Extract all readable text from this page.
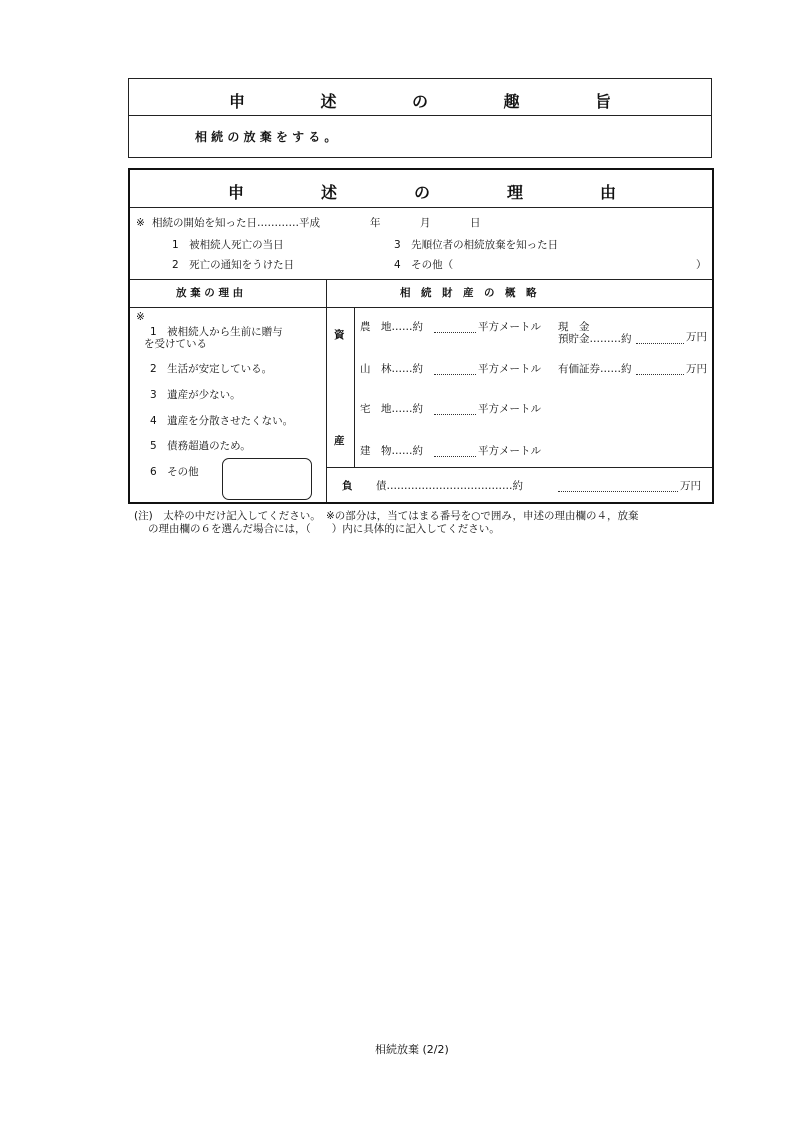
申	述	の	趣	旨
相 続 の 放 棄 を す る 。
申	述	の	理	由
※ 相続の開始を知った日…………平成	年	月	日
1　被相続人死亡の当日	3　先順位者の相続放棄を知った日
2　死亡の通知をうけた日	4　その他（	）
放 棄 の 理 由	相　続　財　産　の　概　略
※
1　被相続人から生前に贈与
を受けている
2　生活が安定している。
3　遺産が少ない。
4　遺産を分散させたくない。
5　債務超過のため。
6　その他
資
産
農　地……約	平方メートル 現　金
預貯金………約	万円
山　林……約	平方メートル 有価証券……約	万円
宅　地……約	平方メートル
建　物……約	平方メートル
負 債………………………………約	万円
(注)　太枠の中だけ記入してください。　※の部分は，当てはまる番号を○で囲み，申述の理由欄の４，放棄
の理由欄の６を選んだ場合には，（　　）内に具体的に記入してください。
相続放棄 (2/2)
